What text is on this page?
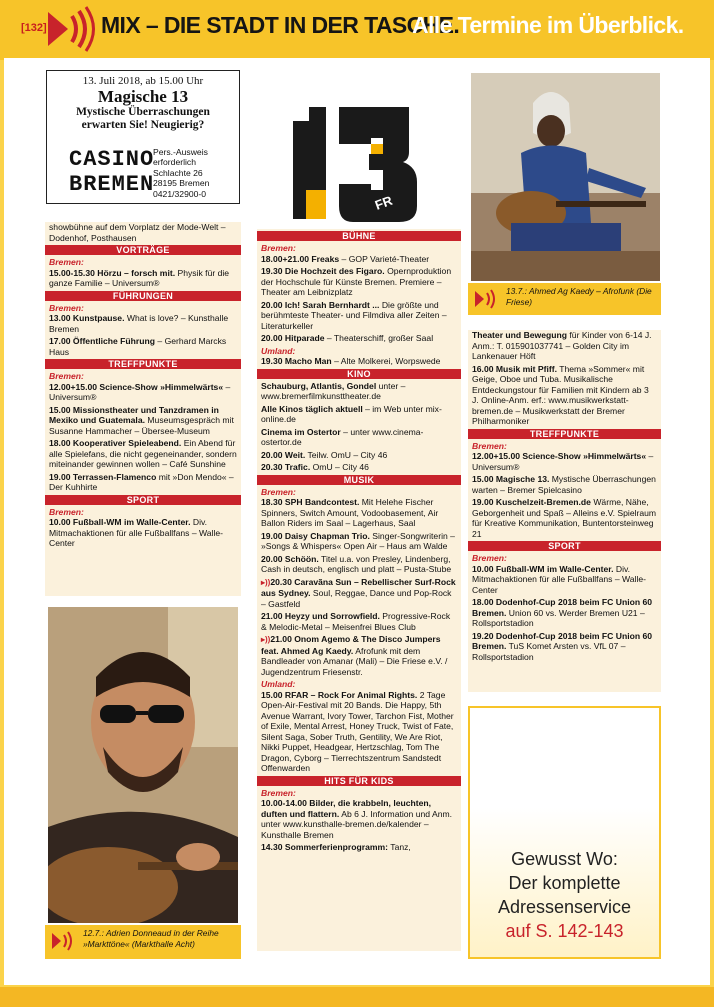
[132] MIX – DIE STADT IN DER TASCHE.
Alle Termine im Überblick.
13. Juli 2018, ab 15.00 Uhr
Magische 13
Mystische Überraschungen
erwarten Sie! Neugierig?
CASINO
BREMEN
Pers.-Ausweis
erforderlich
Schlachte 26
28195 Bremen
0421/32900-0	FR
showbühne auf dem Vorplatz der Mode-Welt – Dodenhof, Posthausen
VORTRÄGE
Bremen:
15.00-15.30 Hörzu – forsch mit. Physik für die ganze Familie – Universum®
FÜHRUNGEN
Bremen:
13.00 Kunstpause. What is love? – Kunsthalle Bremen
17.00 Öffentliche Führung – Gerhard Marcks Haus
TREFFPUNKTE
Bremen:
12.00+15.00 Science-Show »Himmelwärts« – Universum®
15.00 Missionstheater und Tanzdramen in Mexiko und Guatemala. Museumsgespräch mit Susanne Hammacher – Übersee-Museum
18.00 Kooperativer Spieleabend. Ein Abend für alle Spielefans, die nicht gegeneinander, sondern miteinander gewinnen wollen – Café Sunshine
19.00 Terrassen-Flamenco mit »Don Mendo« – Der Kuhhirte
SPORT
Bremen:
10.00 Fußball-WM im Walle-Center. Div. Mitmachaktionen für alle Fußballfans – Walle-Center
12.7.: Adrien Donneaud in der Reihe »Markttöne« (Markthalle Acht)
BÜHNE
Bremen:
18.00+21.00 Freaks – GOP Varieté-Theater
19.30 Die Hochzeit des Figaro. Opernproduktion der Hochschule für Künste Bremen. Premiere – Theater am Leibnizplatz
20.00 Ich! Sarah Bernhardt ... Die größte und berühmteste Theater- und Filmdiva aller Zeiten – Literaturkeller
20.00 Hitparade – Theaterschiff, großer Saal
Umland:
19.30 Macho Man – Alte Molkerei, Worpswede
KINO
Schauburg, Atlantis, Gondel unter – www.bremerfilmkunsttheater.de
Alle Kinos täglich aktuell – im Web unter mix-online.de
Cinema im Ostertor – unter www.cinema-ostertor.de
20.00 Weit. Teilw. OmU – City 46
20.30 Trafic. OmU – City 46
MUSIK
Bremen:
18.30 SPH Bandcontest. Mit Helehe Fischer Spinners, Switch Amount, Vodoobasement, Air Ballon Riders im Saal – Lagerhaus, Saal
19.00 Daisy Chapman Trio. Singer-Songwriterin – »Songs & Whispers« Open Air – Haus am Walde
20.00 Schöön. Titel u.a. von Presley, Lindenberg, Cash in deutsch, englisch und platt – Pusta-Stube
▸))20.30 Caravãna Sun – Rebellischer Surf-Rock aus Sydney. Soul, Reggae, Dance und Pop-Rock – Gastfeld
21.00 Heyzy und Sorrowfield. Progressive-Rock & Melodic-Metal – Meisenfrei Blues Club
▸))21.00 Onom Agemo & The Disco Jumpers feat. Ahmed Ag Kaedy. Afrofunk mit dem Bandleader von Amanar (Mali) – Die Friese e.V. / Jugendzentrum Friesenstr.
Umland:
15.00 RFAR – Rock For Animal Rights. 2 Tage Open-Air-Festival mit 20 Bands. Die Happy, 5th Avenue Warrant, Ivory Tower, Tarchon Fist, Mother of Exile, Mental Arrest, Honey Truck, Twist of Fate, Silent Saga, Sober Truth, Gentility, We Are Riot, Nikki Puppet, Headgear, Hertzschlag, Tom The Dragon, Cyborg – Tierrechtszentrum Sandstedt Offenwarden
HITS FÜR KIDS
Bremen:
10.00-14.00 Bilder, die krabbeln, leuchten, duften und flattern. Ab 6 J. Information und Anm. unter www.kunsthalle-bremen.de/kalender – Kunsthalle Bremen
14.30 Sommerferienprogramm: Tanz,
13.7.: Ahmed Ag Kaedy – Afrofunk (Die Friese)
Theater und Bewegung für Kinder von 6-14 J. Anm.: T. 015901037741 – Golden City im Lankenauer Höft
16.00 Musik mit Pfiff. Thema »Sommer« mit Geige, Oboe und Tuba. Musikalische Entdeckungstour für Familien mit Kindern ab 3 J. Online-Anm. erf.: www.musikwerkstatt-bremen.de – Musikwerkstatt der Bremer Philharmoniker
TREFFPUNKTE
Bremen:
12.00+15.00 Science-Show »Himmelwärts« – Universum®
15.00 Magische 13. Mystische Überraschungen warten – Bremer Spielcasino
19.00 Kuschelzeit-Bremen.de Wärme, Nähe, Geborgenheit und Spaß – Alleins e.V. Spielraum für Kreative Kommunikation, Buntentorsteinweg 21
SPORT
Bremen:
10.00 Fußball-WM im Walle-Center. Div. Mitmachaktionen für alle Fußballfans – Walle-Center
18.00 Dodenhof-Cup 2018 beim FC Union 60 Bremen. Union 60 vs. Werder Bremen U21 – Rollsportstadion
19.20 Dodenhof-Cup 2018 beim FC Union 60 Bremen. TuS Komet Arsten vs. VfL 07 – Rollsportstadion
Gewusst Wo:
Der komplette
Adressenservice
auf S. 142-143
